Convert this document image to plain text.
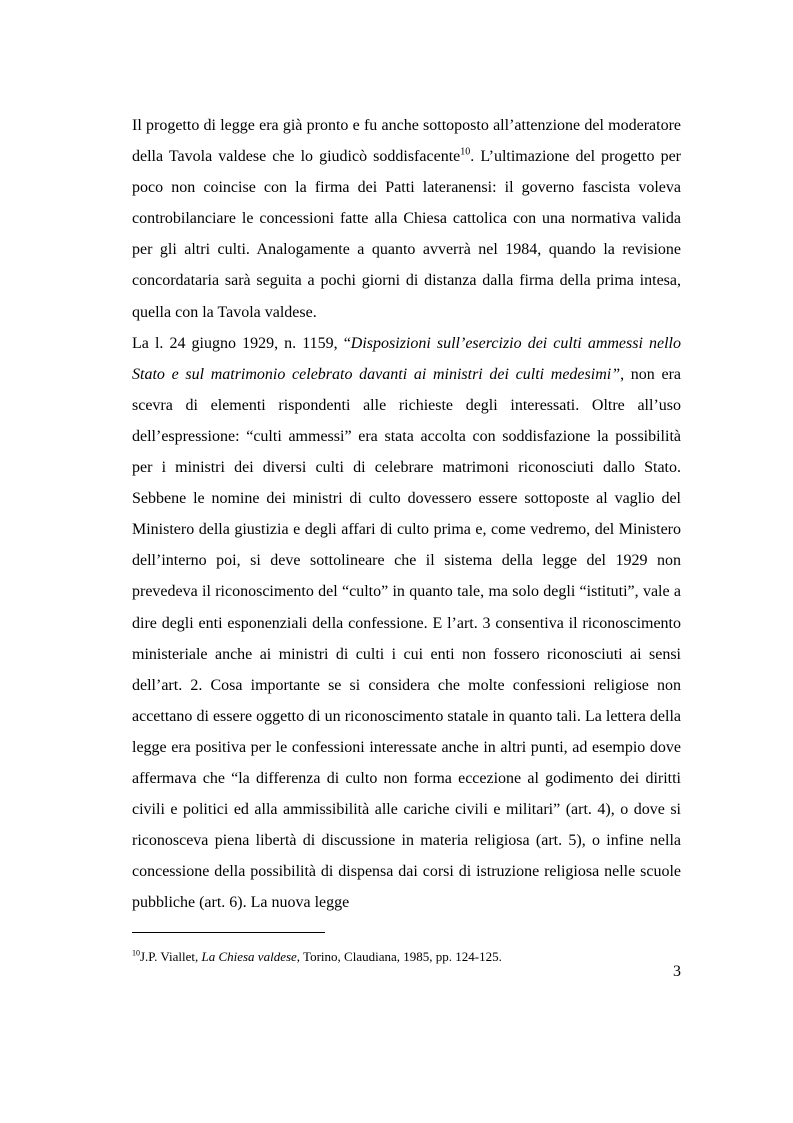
Il progetto di legge era già pronto e fu anche sottoposto all’attenzione del moderatore della Tavola valdese che lo giudicò soddisfacente$^{10}$. L’ultimazione del progetto per poco non coincise con la firma dei Patti lateranensi: il governo fascista voleva controbilanciare le concessioni fatte alla Chiesa cattolica con una normativa valida per gli altri culti. Analogamente a quanto avverrà nel 1984, quando la revisione concordataria sarà seguita a pochi giorni di distanza dalla firma della prima intesa, quella con la Tavola valdese.

La l. 24 giugno 1929, n. 1159, “Disposizioni sull’esercizio dei culti ammessi nello Stato e sul matrimonio celebrato davanti ai ministri dei culti medesimi”, non era scevra di elementi rispondenti alle richieste degli interessati. Oltre all’uso dell’espressione: “culti ammessi” era stata accolta con soddisfazione la possibilità per i ministri dei diversi culti di celebrare matrimoni riconosciuti dallo Stato. Sebbene le nomine dei ministri di culto dovessero essere sottoposte al vaglio del Ministero della giustizia e degli affari di culto prima e, come vedremo, del Ministero dell’interno poi, si deve sottolineare che il sistema della legge del 1929 non prevedeva il riconoscimento del “culto” in quanto tale, ma solo degli “istituti”, vale a dire degli enti esponenziali della confessione. E l’art. 3 consentiva il riconoscimento ministeriale anche ai ministri di culti i cui enti non fossero riconosciuti ai sensi dell’art. 2. Cosa importante se si considera che molte confessioni religiose non accettano di essere oggetto di un riconoscimento statale in quanto tali. La lettera della legge era positiva per le confessioni interessate anche in altri punti, ad esempio dove affermava che “la differenza di culto non forma eccezione al godimento dei diritti civili e politici ed alla ammissibilità alle cariche civili e militari” (art. 4), o dove si riconosceva piena libertà di discussione in materia religiosa (art. 5), o infine nella concessione della possibilità di dispensa dai corsi di istruzione religiosa nelle scuole pubbliche (art. 6). La nuova legge

$^{10}$J.P. Viallet, La Chiesa valdese, Torino, Claudiana, 1985, pp. 124-125.
3
